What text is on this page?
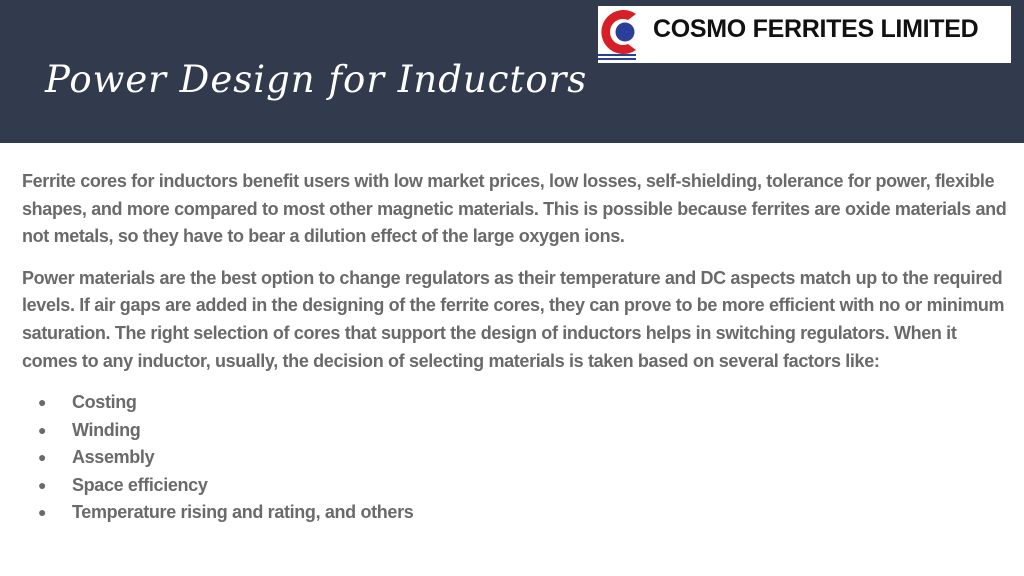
Power Design for Inductors
COSMO FERRITES LIMITED

Ferrite cores for inductors benefit users with low market prices, low losses, self-shielding, tolerance for power, flexible shapes, and more compared to most other magnetic materials. This is possible because ferrites are oxide materials and not metals, so they have to bear a dilution effect of the large oxygen ions.

Power materials are the best option to change regulators as their temperature and DC aspects match up to the required levels. If air gaps are added in the designing of the ferrite cores, they can prove to be more efficient with no or minimum saturation. The right selection of cores that support the design of inductors helps in switching regulators. When it comes to any inductor, usually, the decision of selecting materials is taken based on several factors like:

● Costing
● Winding
● Assembly
● Space efficiency
● Temperature rising and rating, and others
